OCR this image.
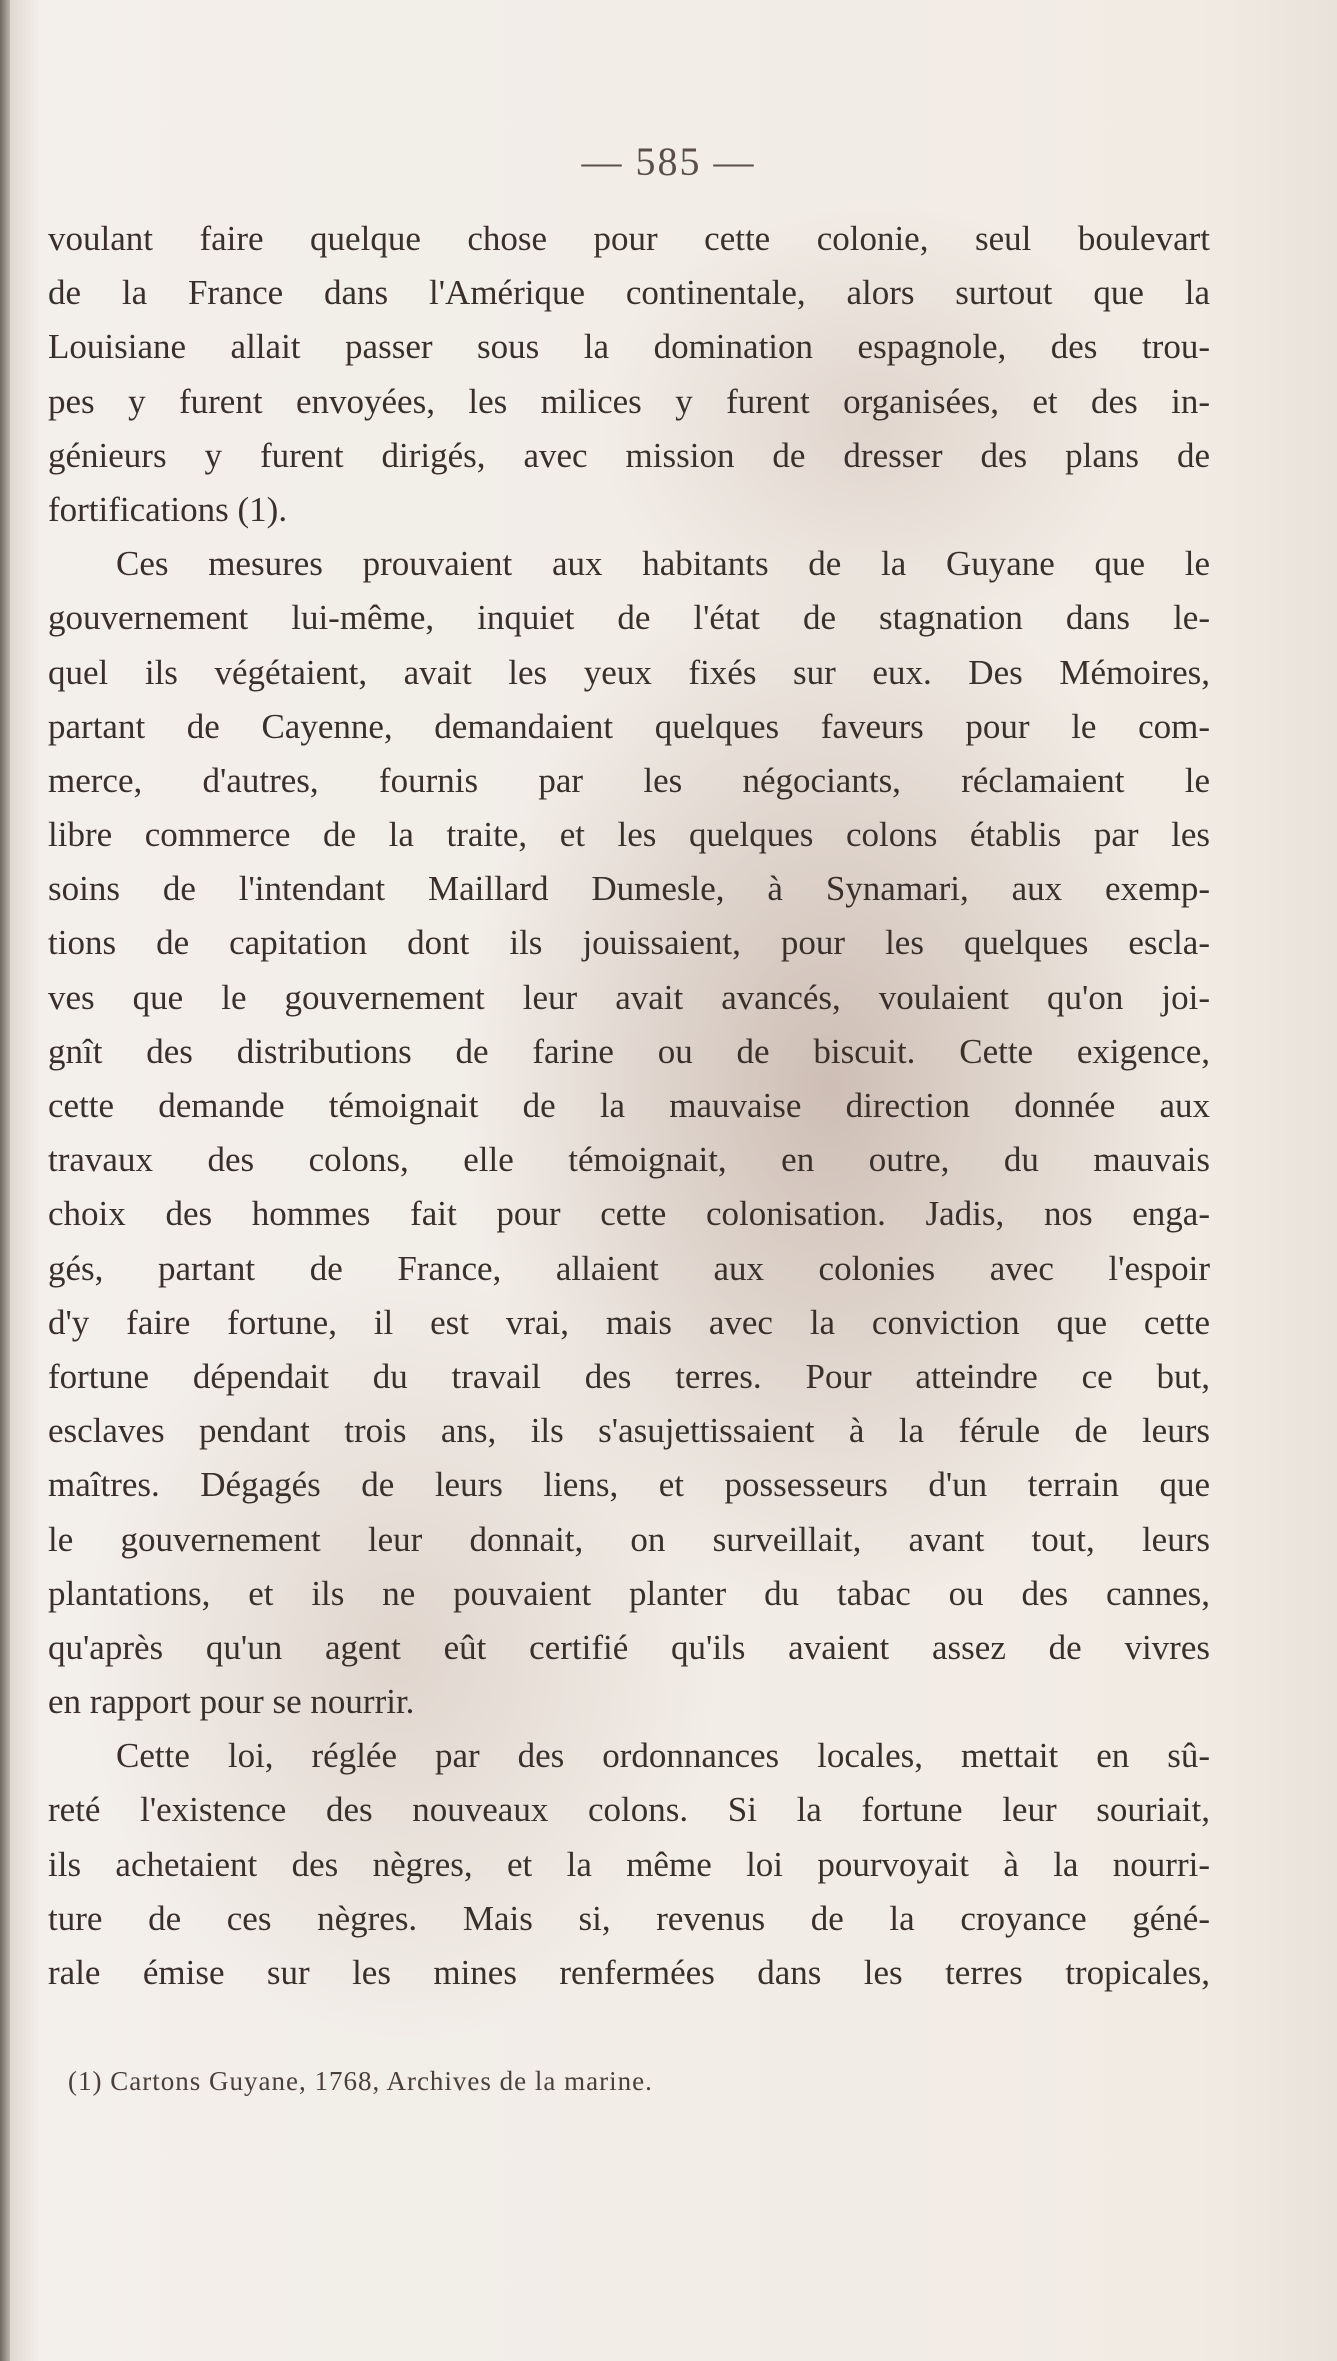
— 585 —
voulant faire quelque chose pour cette colonie, seul boulevart
de la France dans l'Amérique continentale, alors surtout que la
Louisiane allait passer sous la domination espagnole, des trou-
pes y furent envoyées, les milices y furent organisées, et des in-
génieurs y furent dirigés, avec mission de dresser des plans de
fortifications (1).
Ces mesures prouvaient aux habitants de la Guyane que le
gouvernement lui-même, inquiet de l'état de stagnation dans le-
quel ils végétaient, avait les yeux fixés sur eux. Des Mémoires,
partant de Cayenne, demandaient quelques faveurs pour le com-
merce, d'autres, fournis par les négociants, réclamaient le
libre commerce de la traite, et les quelques colons établis par les
soins de l'intendant Maillard Dumesle, à Synamari, aux exemp-
tions de capitation dont ils jouissaient, pour les quelques escla-
ves que le gouvernement leur avait avancés, voulaient qu'on joi-
gnît des distributions de farine ou de biscuit. Cette exigence,
cette demande témoignait de la mauvaise direction donnée aux
travaux des colons, elle témoignait, en outre, du mauvais
choix des hommes fait pour cette colonisation. Jadis, nos enga-
gés, partant de France, allaient aux colonies avec l'espoir
d'y faire fortune, il est vrai, mais avec la conviction que cette
fortune dépendait du travail des terres. Pour atteindre ce but,
esclaves pendant trois ans, ils s'asujettissaient à la férule de leurs
maîtres. Dégagés de leurs liens, et possesseurs d'un terrain que
le gouvernement leur donnait, on surveillait, avant tout, leurs
plantations, et ils ne pouvaient planter du tabac ou des cannes,
qu'après qu'un agent eût certifié qu'ils avaient assez de vivres
en rapport pour se nourrir.
Cette loi, réglée par des ordonnances locales, mettait en sû-
reté l'existence des nouveaux colons. Si la fortune leur souriait,
ils achetaient des nègres, et la même loi pourvoyait à la nourri-
ture de ces nègres. Mais si, revenus de la croyance géné-
rale émise sur les mines renfermées dans les terres tropicales,
(1) Cartons Guyane, 1768, Archives de la marine.
